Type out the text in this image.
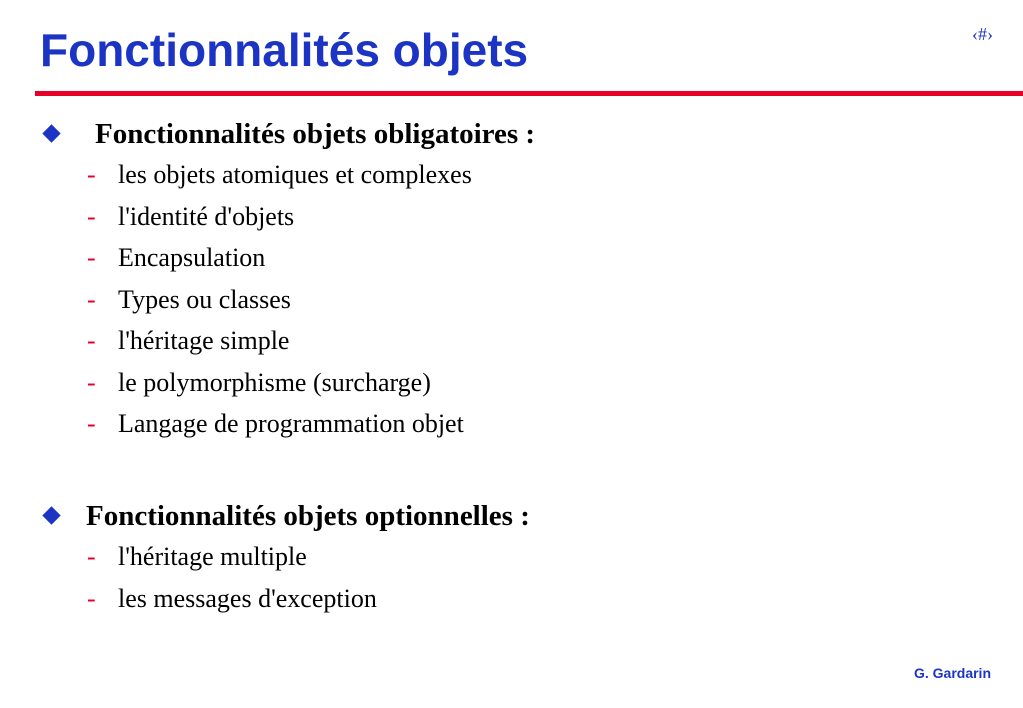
Fonctionnalités objets	‹#›
Fonctionnalités objets obligatoires :
- les objets atomiques et complexes
- l'identité d'objets
- Encapsulation
- Types ou classes
- l'héritage simple
- le polymorphisme (surcharge)
- Langage de programmation objet
Fonctionnalités objets optionnelles :
- l'héritage multiple
- les messages d'exception
G. Gardarin
